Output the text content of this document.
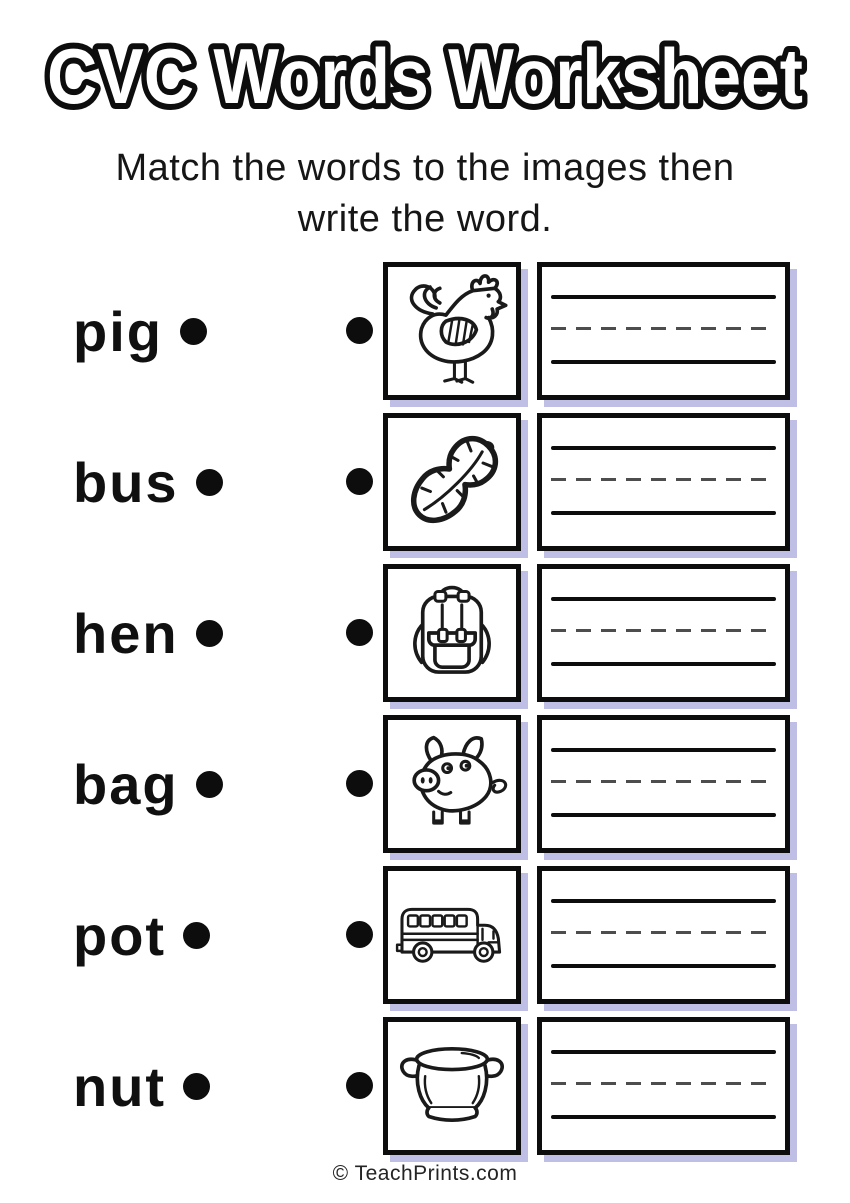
CVC Words Worksheet
Match the words to the images then
write the word.
pig
bus
hen
bag
pot
nut
© TeachPrints.com
